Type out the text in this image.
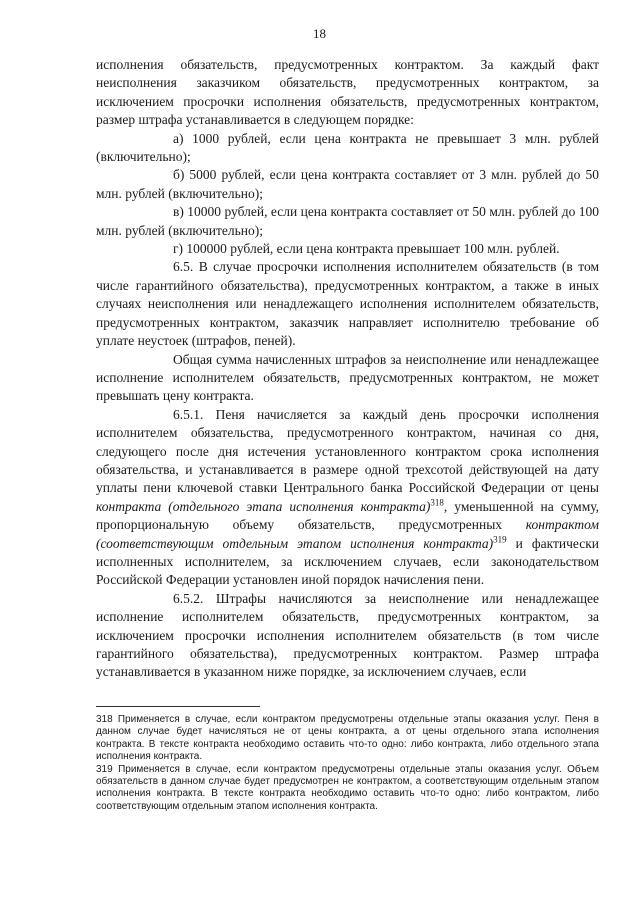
18

исполнения обязательств, предусмотренных контрактом. За каждый факт неисполнения заказчиком обязательств, предусмотренных контрактом, за исключением просрочки исполнения обязательств, предусмотренных контрактом, размер штрафа устанавливается в следующем порядке:

а) 1000 рублей, если цена контракта не превышает 3 млн. рублей (включительно);

б) 5000 рублей, если цена контракта составляет от 3 млн. рублей до 50 млн. рублей (включительно);

в) 10000 рублей, если цена контракта составляет от 50 млн. рублей до 100 млн. рублей (включительно);

г) 100000 рублей, если цена контракта превышает 100 млн. рублей.

6.5. В случае просрочки исполнения исполнителем обязательств (в том числе гарантийного обязательства), предусмотренных контрактом, а также в иных случаях неисполнения или ненадлежащего исполнения исполнителем обязательств, предусмотренных контрактом, заказчик направляет исполнителю требование об уплате неустоек (штрафов, пеней).

Общая сумма начисленных штрафов за неисполнение или ненадлежащее исполнение исполнителем обязательств, предусмотренных контрактом, не может превышать цену контракта.

6.5.1. Пеня начисляется за каждый день просрочки исполнения исполнителем обязательства, предусмотренного контрактом, начиная со дня, следующего после дня истечения установленного контрактом срока исполнения обязательства, и устанавливается в размере одной трехсотой действующей на дату уплаты пени ключевой ставки Центрального банка Российской Федерации от цены контракта (отдельного этапа исполнения контракта)$^{318}$, уменьшенной на сумму, пропорциональную объему обязательств, предусмотренных контрактом (соответствующим отдельным этапом исполнения контракта)$^{319}$ и фактически исполненных исполнителем, за исключением случаев, если законодательством Российской Федерации установлен иной порядок начисления пени.

6.5.2. Штрафы начисляются за неисполнение или ненадлежащее исполнение исполнителем обязательств, предусмотренных контрактом, за исключением просрочки исполнения исполнителем обязательств (в том числе гарантийного обязательства), предусмотренных контрактом. Размер штрафа устанавливается в указанном ниже порядке, за исключением случаев, если

318 Применяется в случае, если контрактом предусмотрены отдельные этапы оказания услуг. Пеня в данном случае будет начисляться не от цены контракта, а от цены отдельного этапа исполнения контракта. В тексте контракта необходимо оставить что-то одно: либо контракта, либо отдельного этапа исполнения контракта.

319 Применяется в случае, если контрактом предусмотрены отдельные этапы оказания услуг. Объем обязательств в данном случае будет предусмотрен не контрактом, а соответствующим отдельным этапом исполнения контракта. В тексте контракта необходимо оставить что-то одно: либо контрактом, либо соответствующим отдельным этапом исполнения контракта.
